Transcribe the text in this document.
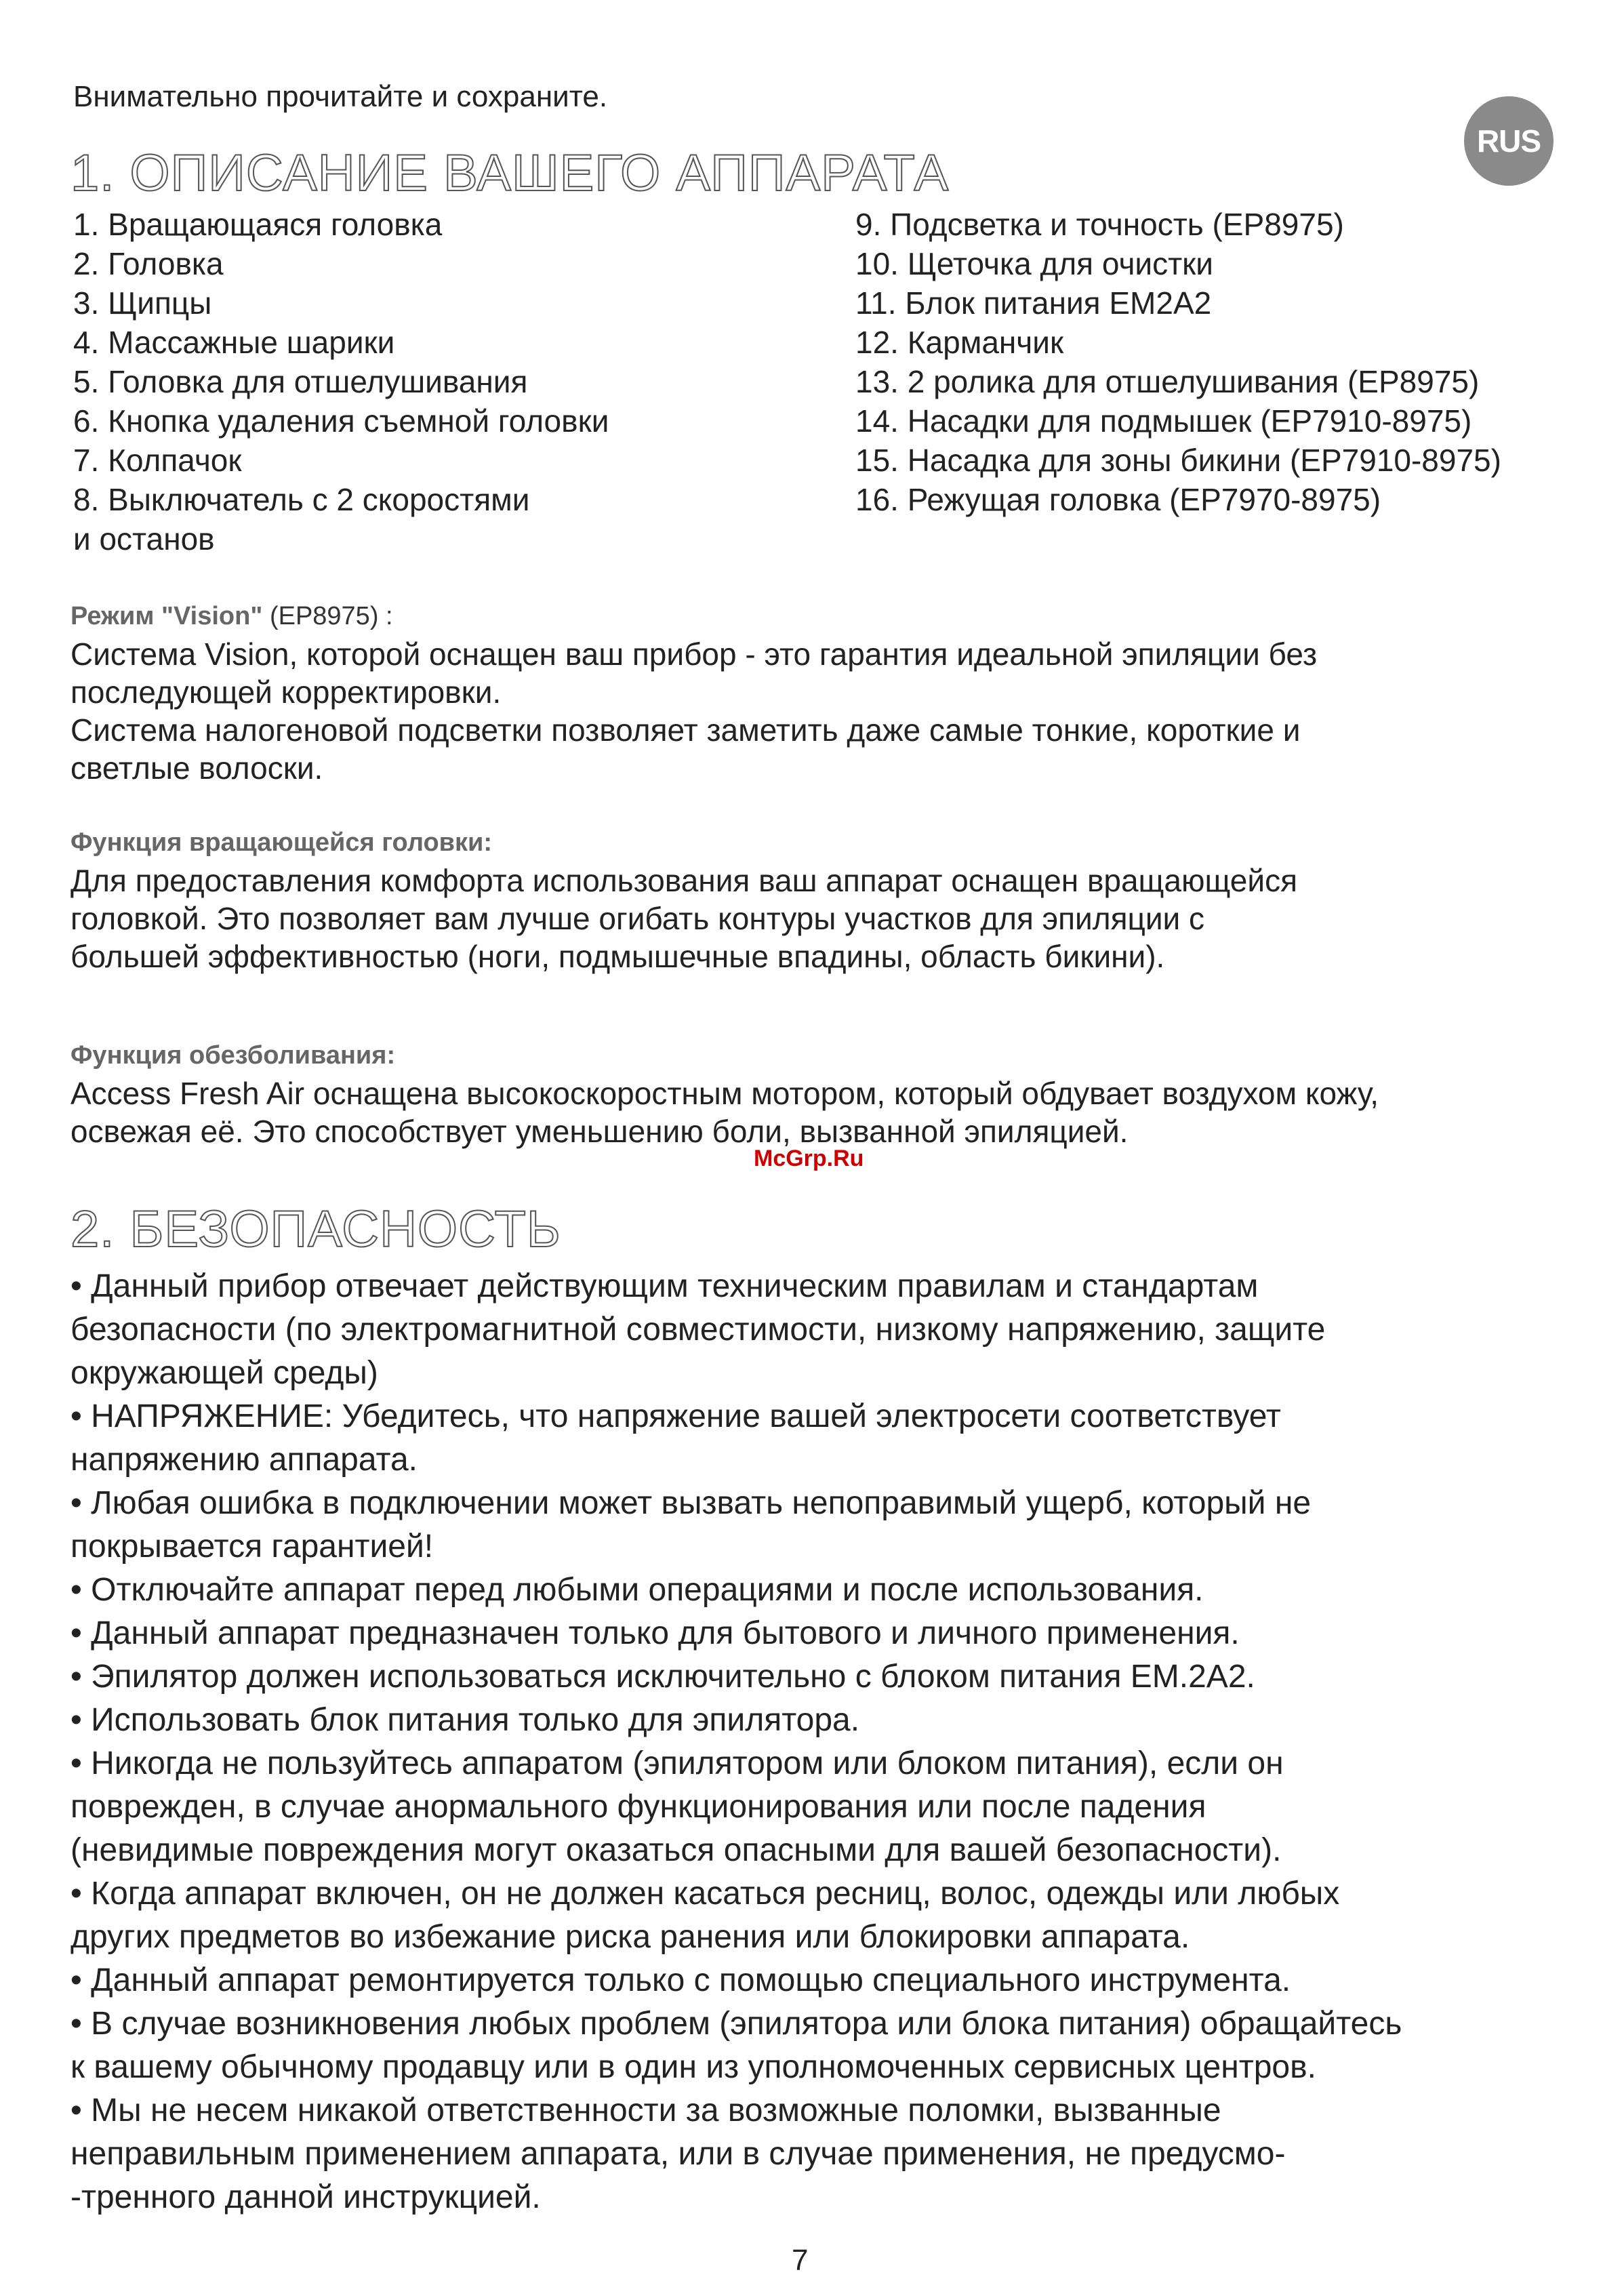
Внимательно прочитайте и сохраните.
RUS
1. ОПИСАНИЕ ВАШЕГО АППАРАТА
1. Вращающаяся головка
2. Головка
3. Щипцы
4. Массажные шарики
5. Головка для отшелушивания
6. Кнопка удаления съемной головки
7. Колпачок
8. Выключатель с 2 скоростями
и останов
9. Подсветка и точность (EP8975)
10. Щеточка для очистки
11. Блок питания EM2A2
12. Карманчик
13. 2 ролика для отшелушивания (EP8975)
14. Насадки для подмышек (EP7910-8975)
15. Насадка для зоны бикини (EP7910-8975)
16. Режущая головка (EP7970-8975)
Режим "Vision" (EP8975) :
Система Vision, которой оснащен ваш прибор - это гарантия идеальной эпиляции без
последующей корректировки.
Система налогеновой подсветки позволяет заметить даже самые тонкие, короткие и
светлые волоски.
Функция вращающейся головки:
Для предоставления комфорта использования ваш аппарат оснащен вращающейся
головкой. Это позволяет вам лучше огибать контуры участков для эпиляции с
большей эффективностью (ноги, подмышечные впадины, область бикини).
Функция обезболивания:
Access Fresh Air оснащена высокоскоростным мотором, который обдувает воздухом кожу,
освежая её. Это способствует уменьшению боли, вызванной эпиляцией.
McGrp.Ru
2. БЕЗОПАСНОСТЬ
• Данный прибор отвечает действующим техническим правилам и стандартам
безопасности (по электромагнитной совместимости, низкому напряжению, защите
окружающей среды)
• НАПРЯЖЕНИЕ: Убедитесь, что напряжение вашей электросети соответствует
напряжению аппарата.
• Любая ошибка в подключении может вызвать непоправимый ущерб, который не
покрывается гарантией!
• Отключайте аппарат перед любыми операциями и после использования.
• Данный аппарат предназначен только для бытового и личного применения.
• Эпилятор должен использоваться исключительно с блоком питания EM.2A2.
• Использовать блок питания только для эпилятора.
• Никогда не пользуйтесь аппаратом (эпилятором или блоком питания), если он
поврежден, в случае анормального функционирования или после падения
(невидимые повреждения могут оказаться опасными для вашей безопасности).
• Когда аппарат включен, он не должен касаться ресниц, волос, одежды или любых
других предметов во избежание риска ранения или блокировки аппарата.
• Данный аппарат ремонтируется только с помощью специального инструмента.
• В случае возникновения любых проблем (эпилятора или блока питания) обращайтесь
к вашему обычному продавцу или в один из уполномоченных сервисных центров.
• Мы не несем никакой ответственности за возможные поломки, вызванные
неправильным применением аппарата, или в случае применения, не предусмо-
-тренного данной инструкцией.
7
